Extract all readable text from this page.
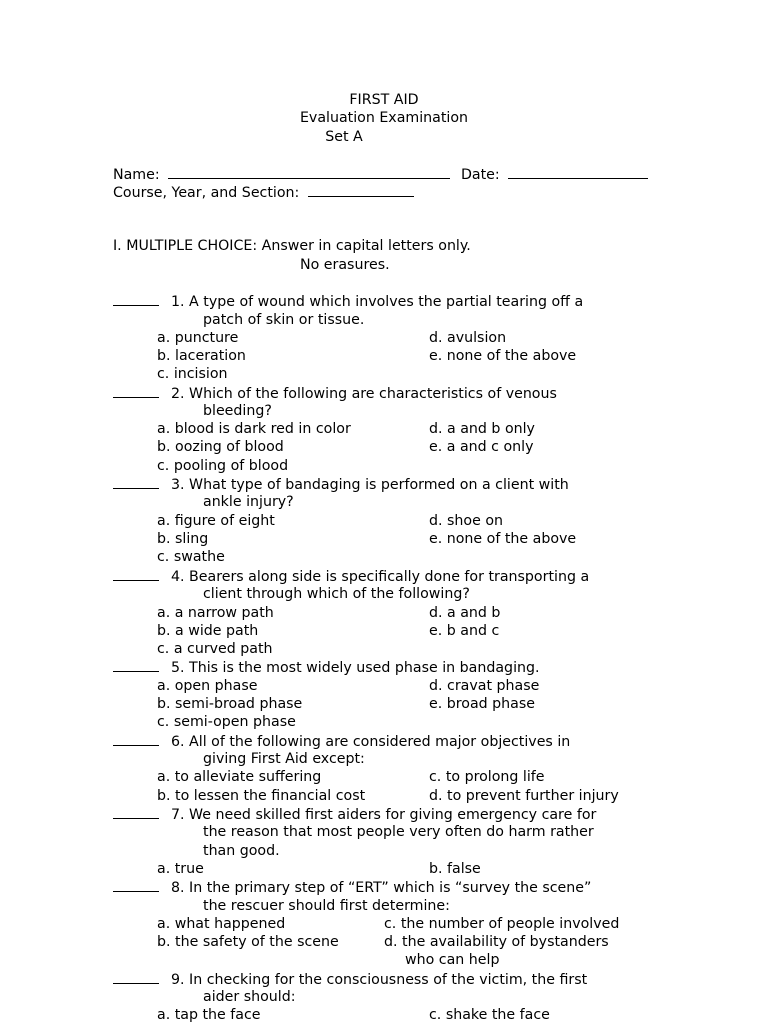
FIRST AID
Evaluation Examination
Set A
Name:	Date:
Course, Year, and Section:
I. MULTIPLE CHOICE: Answer in capital letters only.
No erasures.
1. A type of wound which involves the partial tearing off a
patch of skin or tissue.
a. puncture	d. avulsion
b. laceration	e. none of the above
c. incision
2. Which of the following are characteristics of venous
bleeding?
a. blood is dark red in color	d. a and b only
b. oozing of blood	e. a and c only
c. pooling of blood
3. What type of bandaging is performed on a client with
ankle injury?
a. figure of eight	d. shoe on
b. sling	e. none of the above
c. swathe
4. Bearers along side is specifically done for transporting a
client through which of the following?
a. a narrow path	d. a and b
b. a wide path	e. b and c
c. a curved path
5. This is the most widely used phase in bandaging.
a. open phase	d. cravat phase
b. semi-broad phase	e. broad phase
c. semi-open phase
6. All of the following are considered major objectives in
giving First Aid except:
a. to alleviate suffering	c. to prolong life
b. to lessen the financial cost	d. to prevent further injury
7. We need skilled first aiders for giving emergency care for
the reason that most people very often do harm rather
than good.
a. true	b. false
8. In the primary step of “ERT” which is “survey the scene”
the rescuer should first determine:
a. what happened	c. the number of people involved
b. the safety of the scene	d. the availability of bystanders
who can help
9. In checking for the consciousness of the victim, the first
aider should:
a. tap the face	c. shake the face
